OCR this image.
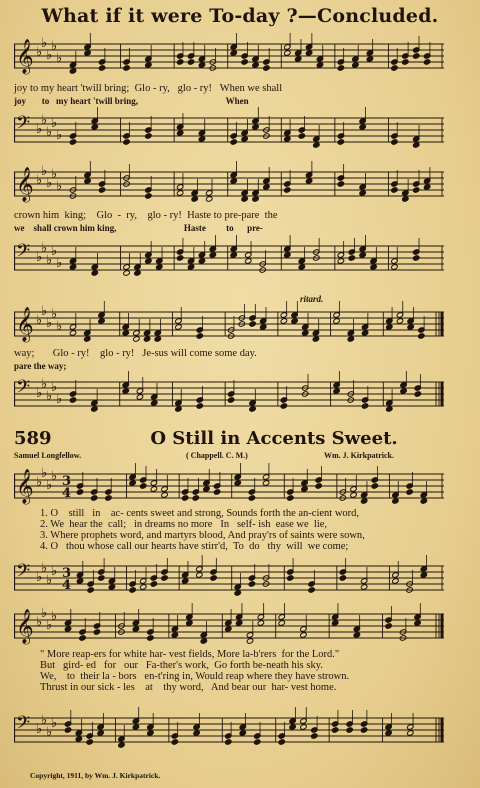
What if it were To-day ?—Concluded.
𝄞 ♭
♭
♭
♭
♭
joy to my heart 'twill bring;  Glo - ry,   glo - ry!   When we shall
joy       to   my heart 'twill bring,                                       When
𝄢 ♭
♭
♭
♭
♭
𝄞 ♭
♭
♭
♭
♭
crown him  king;    Glo  -  ry,    glo - ry!  Haste to pre-pare  the
we    shall crown him king,                              Haste         to      pre-
𝄢 ♭
♭
♭
♭
♭
ritard.
𝄞 ♭
♭
♭
♭
♭
way;       Glo - ry!    glo - ry!   Je-sus will come some day.
pare the way;
𝄢 ♭
♭
♭
♭
♭
589	O Still in Accents Sweet.
Samuel Longfellow.	( Chappell. C. M.)	Wm. J. Kirkpatrick.
𝄞 ♭
♭
♭
♭ 3
4
1. O    still   in    ac- cents sweet and strong, Sounds forth the an-cient word,
2. We  hear the  call;   in dreams no more   In   self- ish  ease we  lie,
3. Where prophets word, and martyrs blood, And pray'rs of saints were sown,
4. O   thou whose call our hearts have stirr'd,  To  do   thy  will  we come;
𝄢 ♭
♭
♭
♭ 3
4
𝄞 ♭
♭
♭
♭
" More reap-ers for white har- vest fields, More la-b'rers  for the Lord."
But   gird- ed   for   our   Fa-ther's work,  Go forth be-neath his sky.
We,    to  their la - bors   en-t'ring in, Would reap where they have strown.
Thrust in our sick - les    at    thy word,   And bear our  har- vest home.
𝄢 ♭
♭
♭
♭
Copyright, 1911, by Wm. J. Kirkpatrick.
